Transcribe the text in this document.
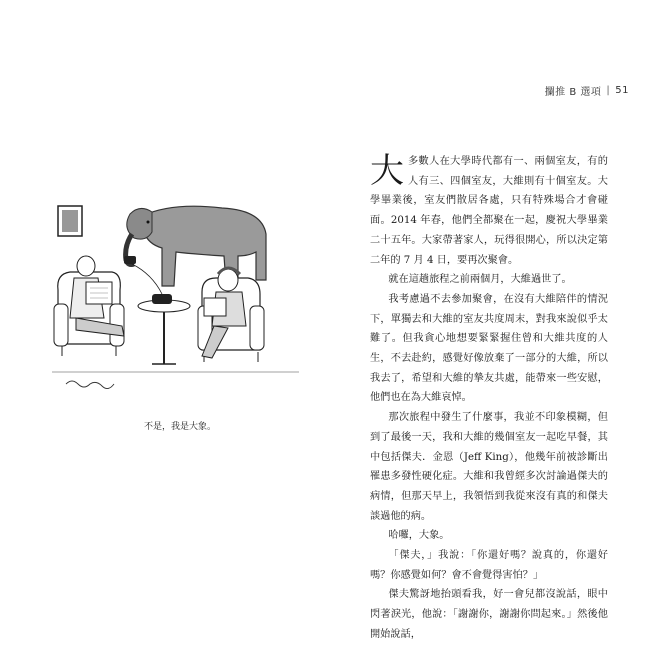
攔推 B 選項 | 51
不是，我是大象。

大多數人在大學時代都有一、兩個室友，有的人有三、四個室友，大維則有十個室友。大學畢業後，室友們散居各處，只有特殊場合才會碰面。2014 年春，他們全都聚在一起，慶祝大學畢業二十五年。大家帶著家人，玩得很開心，所以決定第二年的 7 月 4 日，要再次聚會。

就在這趟旅程之前兩個月，大維過世了。

我考慮過不去參加聚會，在沒有大維陪伴的情況下，單獨去和大維的室友共度周末，對我來說似乎太難了。但我貪心地想要緊緊握住曾和大維共度的人生，不去赴約，感覺好像放棄了一部分的大維，所以我去了，希望和大維的摯友共處，能帶來一些安慰，他們也在為大維哀悼。

那次旅程中發生了什麼事，我並不印象模糊，但到了最後一天，我和大維的幾個室友一起吃早餐，其中包括傑夫．金恩（Jeff King），他幾年前被診斷出罹患多發性硬化症。大維和我曾經多次討論過傑夫的病情，但那天早上，我領悟到我從來沒有真的和傑夫談過他的病。

哈囉，大象。

「傑夫，」我說：「你還好嗎？說真的，你還好嗎？你感覺如何？會不會覺得害怕？」

傑夫驚訝地抬頭看我，好一會兒都沒說話，眼中閃著淚光，他說：「謝謝你，謝謝你問起來。」然後他開始說話，
